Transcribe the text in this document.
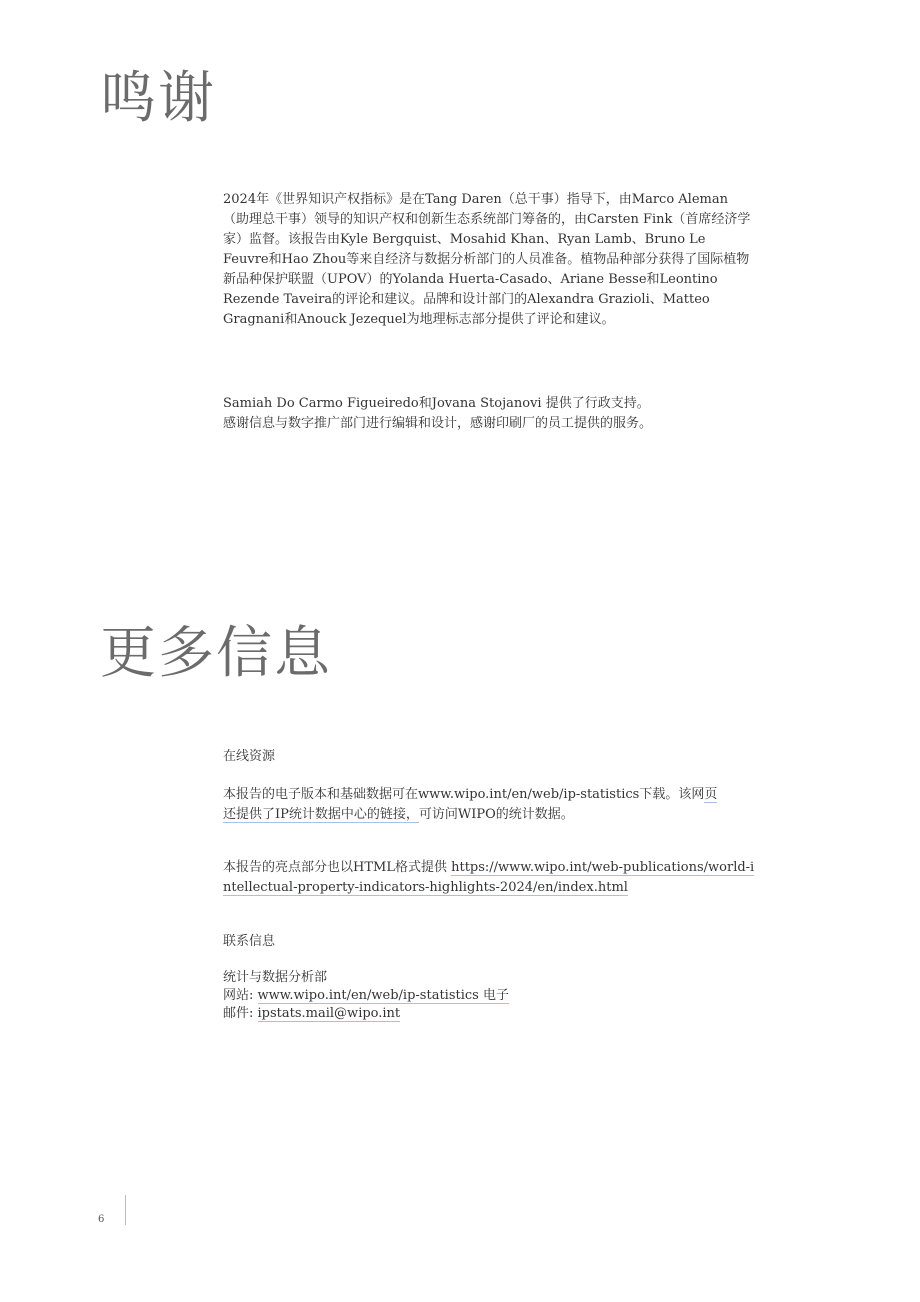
鸣谢

2024年《世界知识产权指标》是在Tang Daren（总干事）指导下，由Marco Aleman（助理总干事）领导的知识产权和创新生态系统部门筹备的，由Carsten Fink（首席经济学家）监督。该报告由Kyle Bergquist、Mosahid Khan、Ryan Lamb、Bruno Le Feuvre和Hao Zhou等来自经济与数据分析部门的人员准备。植物品种部分获得了国际植物新品种保护联盟（UPOV）的Yolanda Huerta-Casado、Ariane Besse和Leontino Rezende Taveira的评论和建议。品牌和设计部门的Alexandra Grazioli、Matteo Gragnani和Anouck Jezequel为地理标志部分提供了评论和建议。

Samiah Do Carmo Figueiredo和Jovana Stojanovi 提供了行政支持。

感谢信息与数字推广部门进行编辑和设计，感谢印刷厂的员工提供的服务。

更多信息

在线资源

本报告的电子版本和基础数据可在www.wipo.int/en/web/ip-statistics下载。该网页还提供了IP统计数据中心的链接，可访问WIPO的统计数据。

本报告的亮点部分也以HTML格式提供 https://www.wipo.int/web-publications/world-intellectual-property-indicators-highlights-2024/en/index.html

联系信息

统计与数据分析部

网站: www.wipo.int/en/web/ip-statistics 电子

邮件: ipstats.mail@wipo.int

6
